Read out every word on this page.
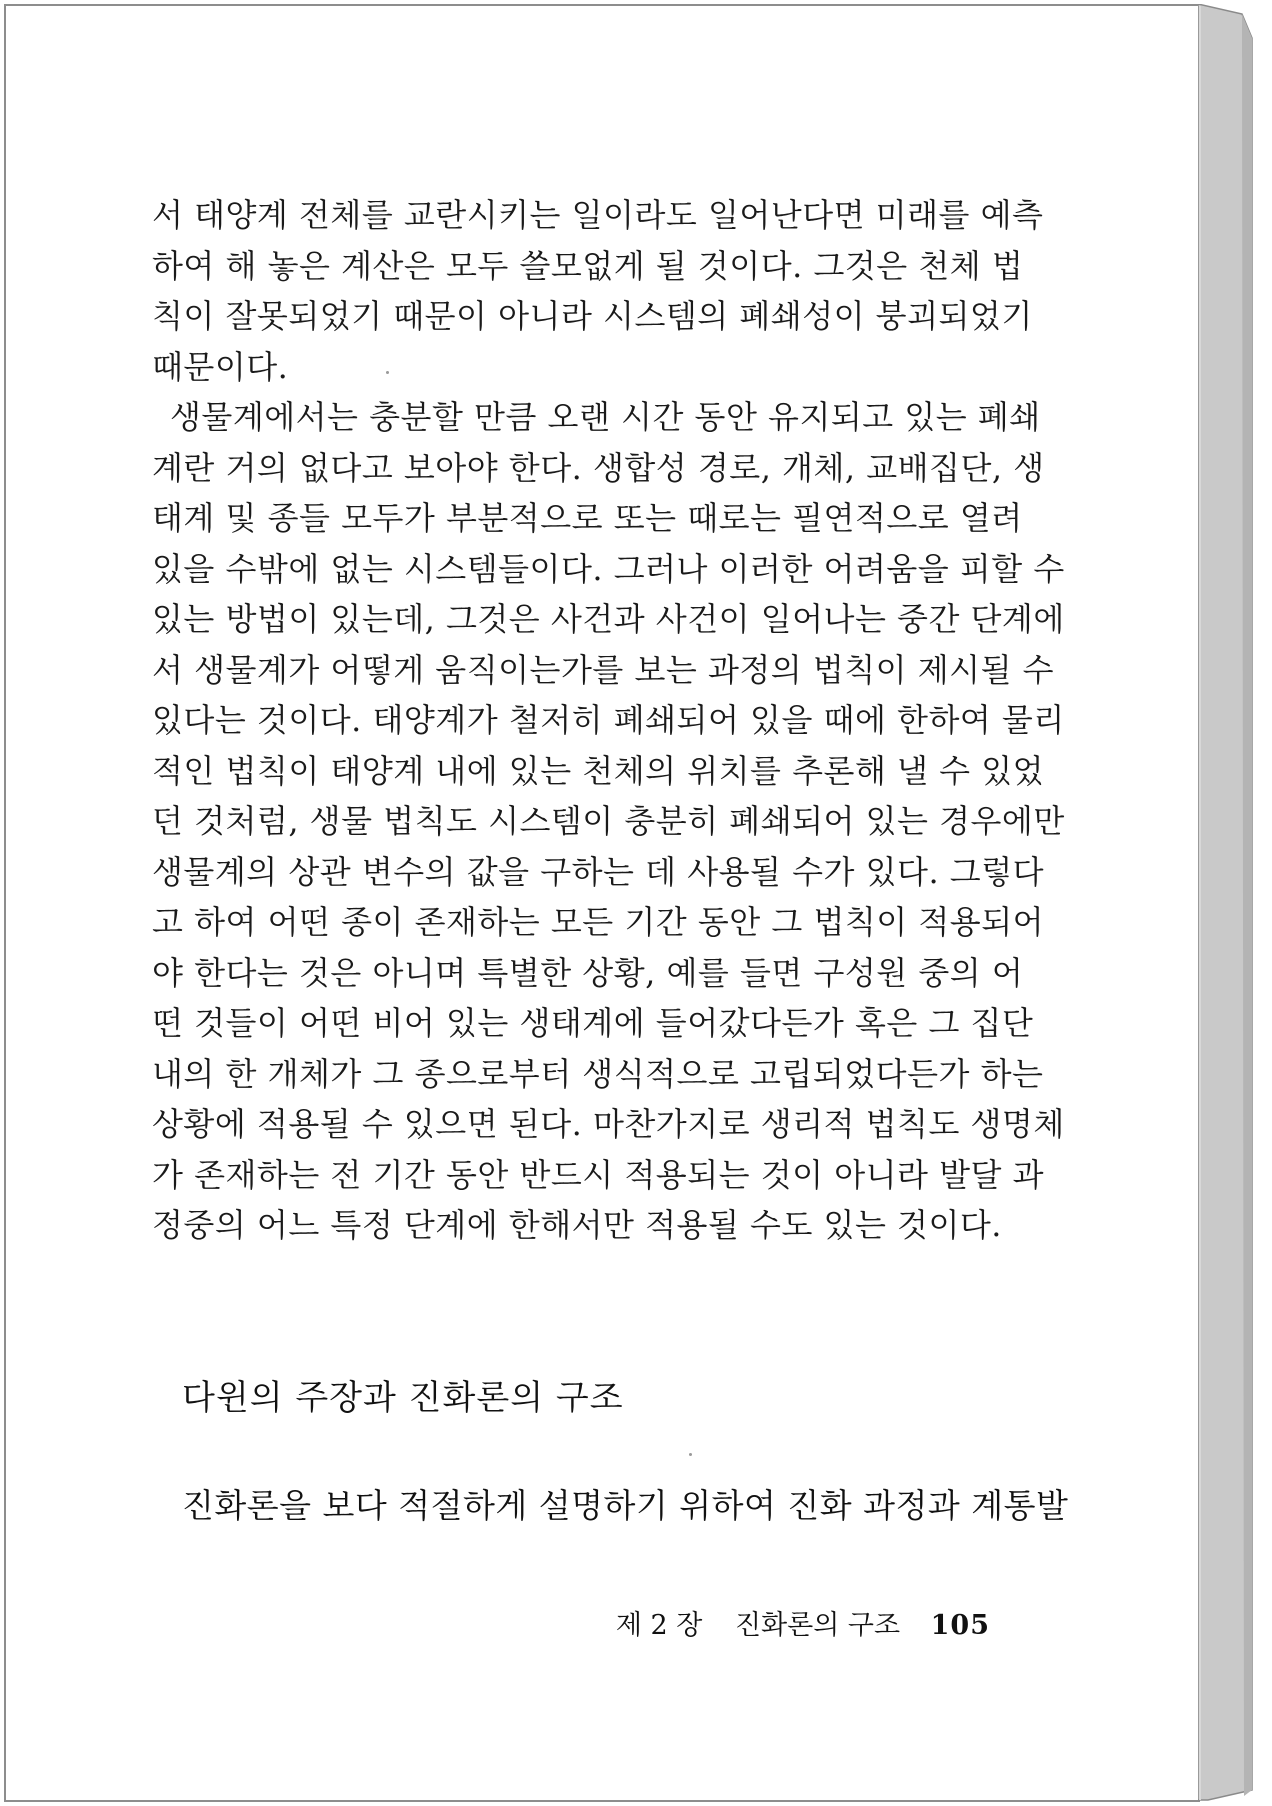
서 태양계 전체를 교란시키는 일이라도 일어난다면 미래를 예측
하여 해 놓은 계산은 모두 쓸모없게 될 것이다. 그것은 천체 법
칙이 잘못되었기 때문이 아니라 시스템의 폐쇄성이 붕괴되었기
때문이다.

생물계에서는 충분할 만큼 오랜 시간 동안 유지되고 있는 폐쇄
계란 거의 없다고 보아야 한다. 생합성 경로, 개체, 교배집단, 생
태계 및 종들 모두가 부분적으로 또는 때로는 필연적으로 열려
있을 수밖에 없는 시스템들이다. 그러나 이러한 어려움을 피할 수
있는 방법이 있는데, 그것은 사건과 사건이 일어나는 중간 단계에
서 생물계가 어떻게 움직이는가를 보는 과정의 법칙이 제시될 수
있다는 것이다. 태양계가 철저히 폐쇄되어 있을 때에 한하여 물리
적인 법칙이 태양계 내에 있는 천체의 위치를 추론해 낼 수 있었
던 것처럼, 생물 법칙도 시스템이 충분히 폐쇄되어 있는 경우에만
생물계의 상관 변수의 값을 구하는 데 사용될 수가 있다. 그렇다
고 하여 어떤 종이 존재하는 모든 기간 동안 그 법칙이 적용되어
야 한다는 것은 아니며 특별한 상황, 예를 들면 구성원 중의 어
떤 것들이 어떤 비어 있는 생태계에 들어갔다든가 혹은 그 집단
내의 한 개체가 그 종으로부터 생식적으로 고립되었다든가 하는
상황에 적용될 수 있으면 된다. 마찬가지로 생리적 법칙도 생명체
가 존재하는 전 기간 동안 반드시 적용되는 것이 아니라 발달 과
정중의 어느 특정 단계에 한해서만 적용될 수도 있는 것이다.

다윈의 주장과 진화론의 구조
진화론을 보다 적절하게 설명하기 위하여 진화 과정과 계통발
제 2 장 진화론의 구조 105
